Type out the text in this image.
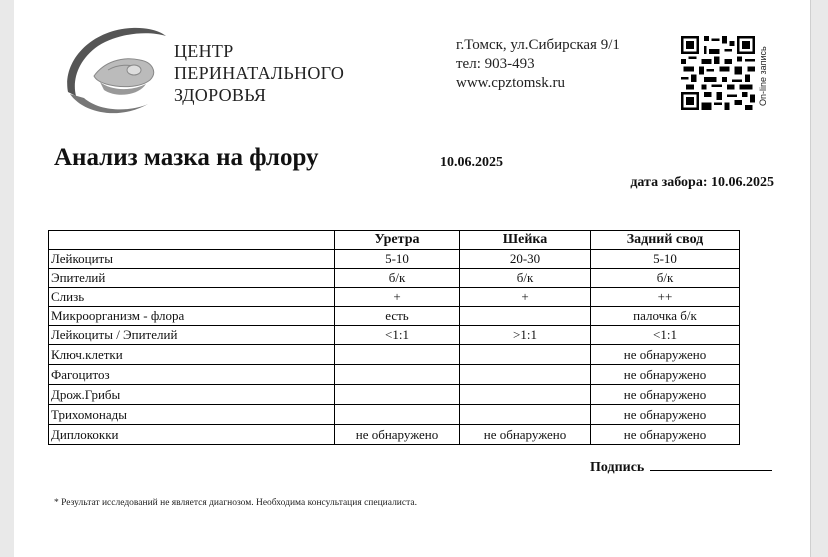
ЦЕНТР
ПЕРИНАТАЛЬНОГО
ЗДОРОВЬЯ
г.Томск, ул.Сибирская 9/1
тел: 903-493
www.cpztomsk.ru	On-line запись
Анализ мазка на флору	10.06.2025
дата забора: 10.06.2025
	Уретра	Шейка	Задний свод
Лейкоциты	5-10	20-30	5-10
Эпителий	б/к	б/к	б/к
Слизь	+	+	++
Микроорганизм - флора	есть		палочка б/к
Лейкоциты / Эпителий	<1:1	>1:1	<1:1
Ключ.клетки			не обнаружено
Фагоцитоз			не обнаружено
Дрож.Грибы			не обнаружено
Трихомонады			не обнаружено
Диплококки	не обнаружено	не обнаружено	не обнаружено
Подпись
* Результат исследований не является диагнозом. Необходима консультация специалиста.
